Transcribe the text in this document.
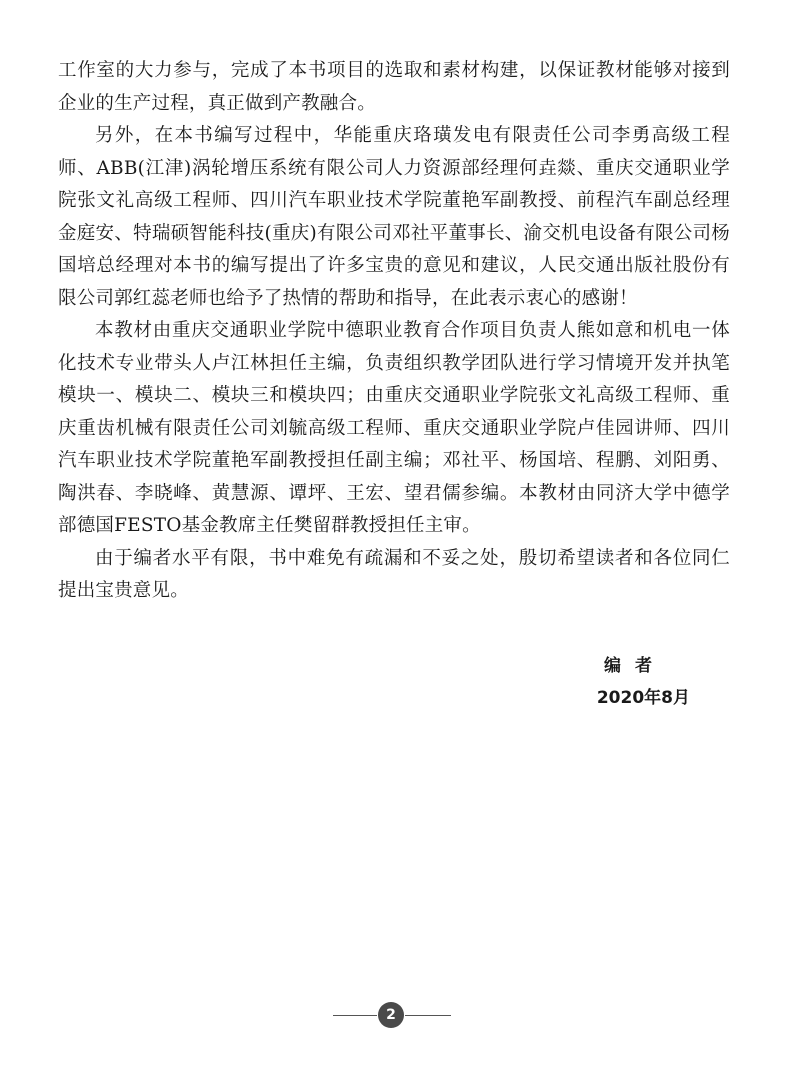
工作室的大力参与，完成了本书项目的选取和素材构建，以保证教材能够对接到企业的生产过程，真正做到产教融合。

另外，在本书编写过程中，华能重庆珞璜发电有限责任公司李勇高级工程师、ABB(江津)涡轮增压系统有限公司人力资源部经理何垚燚、重庆交通职业学院张文礼高级工程师、四川汽车职业技术学院董艳军副教授、前程汽车副总经理金庭安、特瑞硕智能科技(重庆)有限公司邓社平董事长、渝交机电设备有限公司杨国培总经理对本书的编写提出了许多宝贵的意见和建议，人民交通出版社股份有限公司郭红蕊老师也给予了热情的帮助和指导，在此表示衷心的感谢！

本教材由重庆交通职业学院中德职业教育合作项目负责人熊如意和机电一体化技术专业带头人卢江林担任主编，负责组织教学团队进行学习情境开发并执笔模块一、模块二、模块三和模块四；由重庆交通职业学院张文礼高级工程师、重庆重齿机械有限责任公司刘毓高级工程师、重庆交通职业学院卢佳园讲师、四川汽车职业技术学院董艳军副教授担任副主编；邓社平、杨国培、程鹏、刘阳勇、陶洪春、李晓峰、黄慧源、谭坪、王宏、望君儒参编。本教材由同济大学中德学部德国FESTO基金教席主任樊留群教授担任主审。

由于编者水平有限，书中难免有疏漏和不妥之处，殷切希望读者和各位同仁提出宝贵意见。

编者
2020年8月
2
